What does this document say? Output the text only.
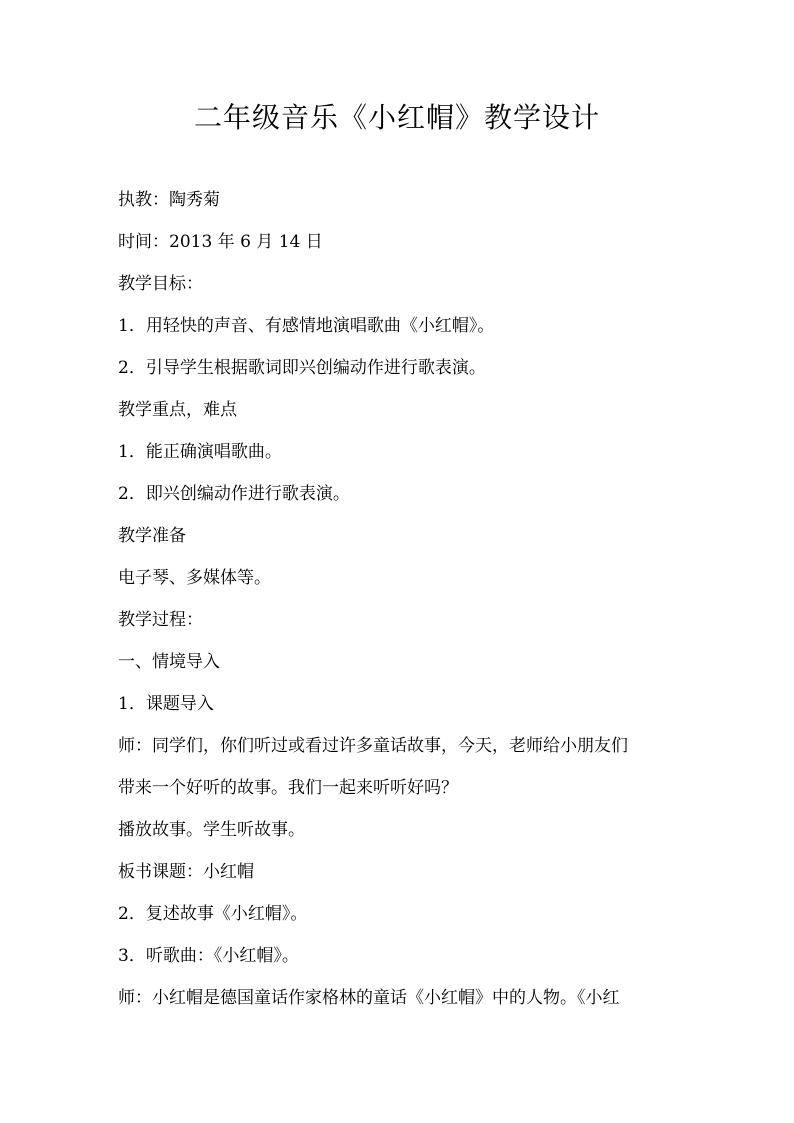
二年级音乐《小红帽》教学设计
执教：陶秀菊
时间：2013 年 6 月 14 日
教学目标：
1．用轻快的声音、有感情地演唱歌曲《小红帽》。
2．引导学生根据歌词即兴创编动作进行歌表演。
教学重点，难点
1．能正确演唱歌曲。
2．即兴创编动作进行歌表演。
教学准备
电子琴、多媒体等。
教学过程：
一、情境导入
1．课题导入
师：同学们，你们听过或看过许多童话故事，今天，老师给小朋友们
带来一个好听的故事。我们一起来听听好吗？
播放故事。学生听故事。
板书课题：小红帽
2．复述故事《小红帽》。
3．听歌曲：《小红帽》。
师：小红帽是德国童话作家格林的童话《小红帽》中的人物。《小红
